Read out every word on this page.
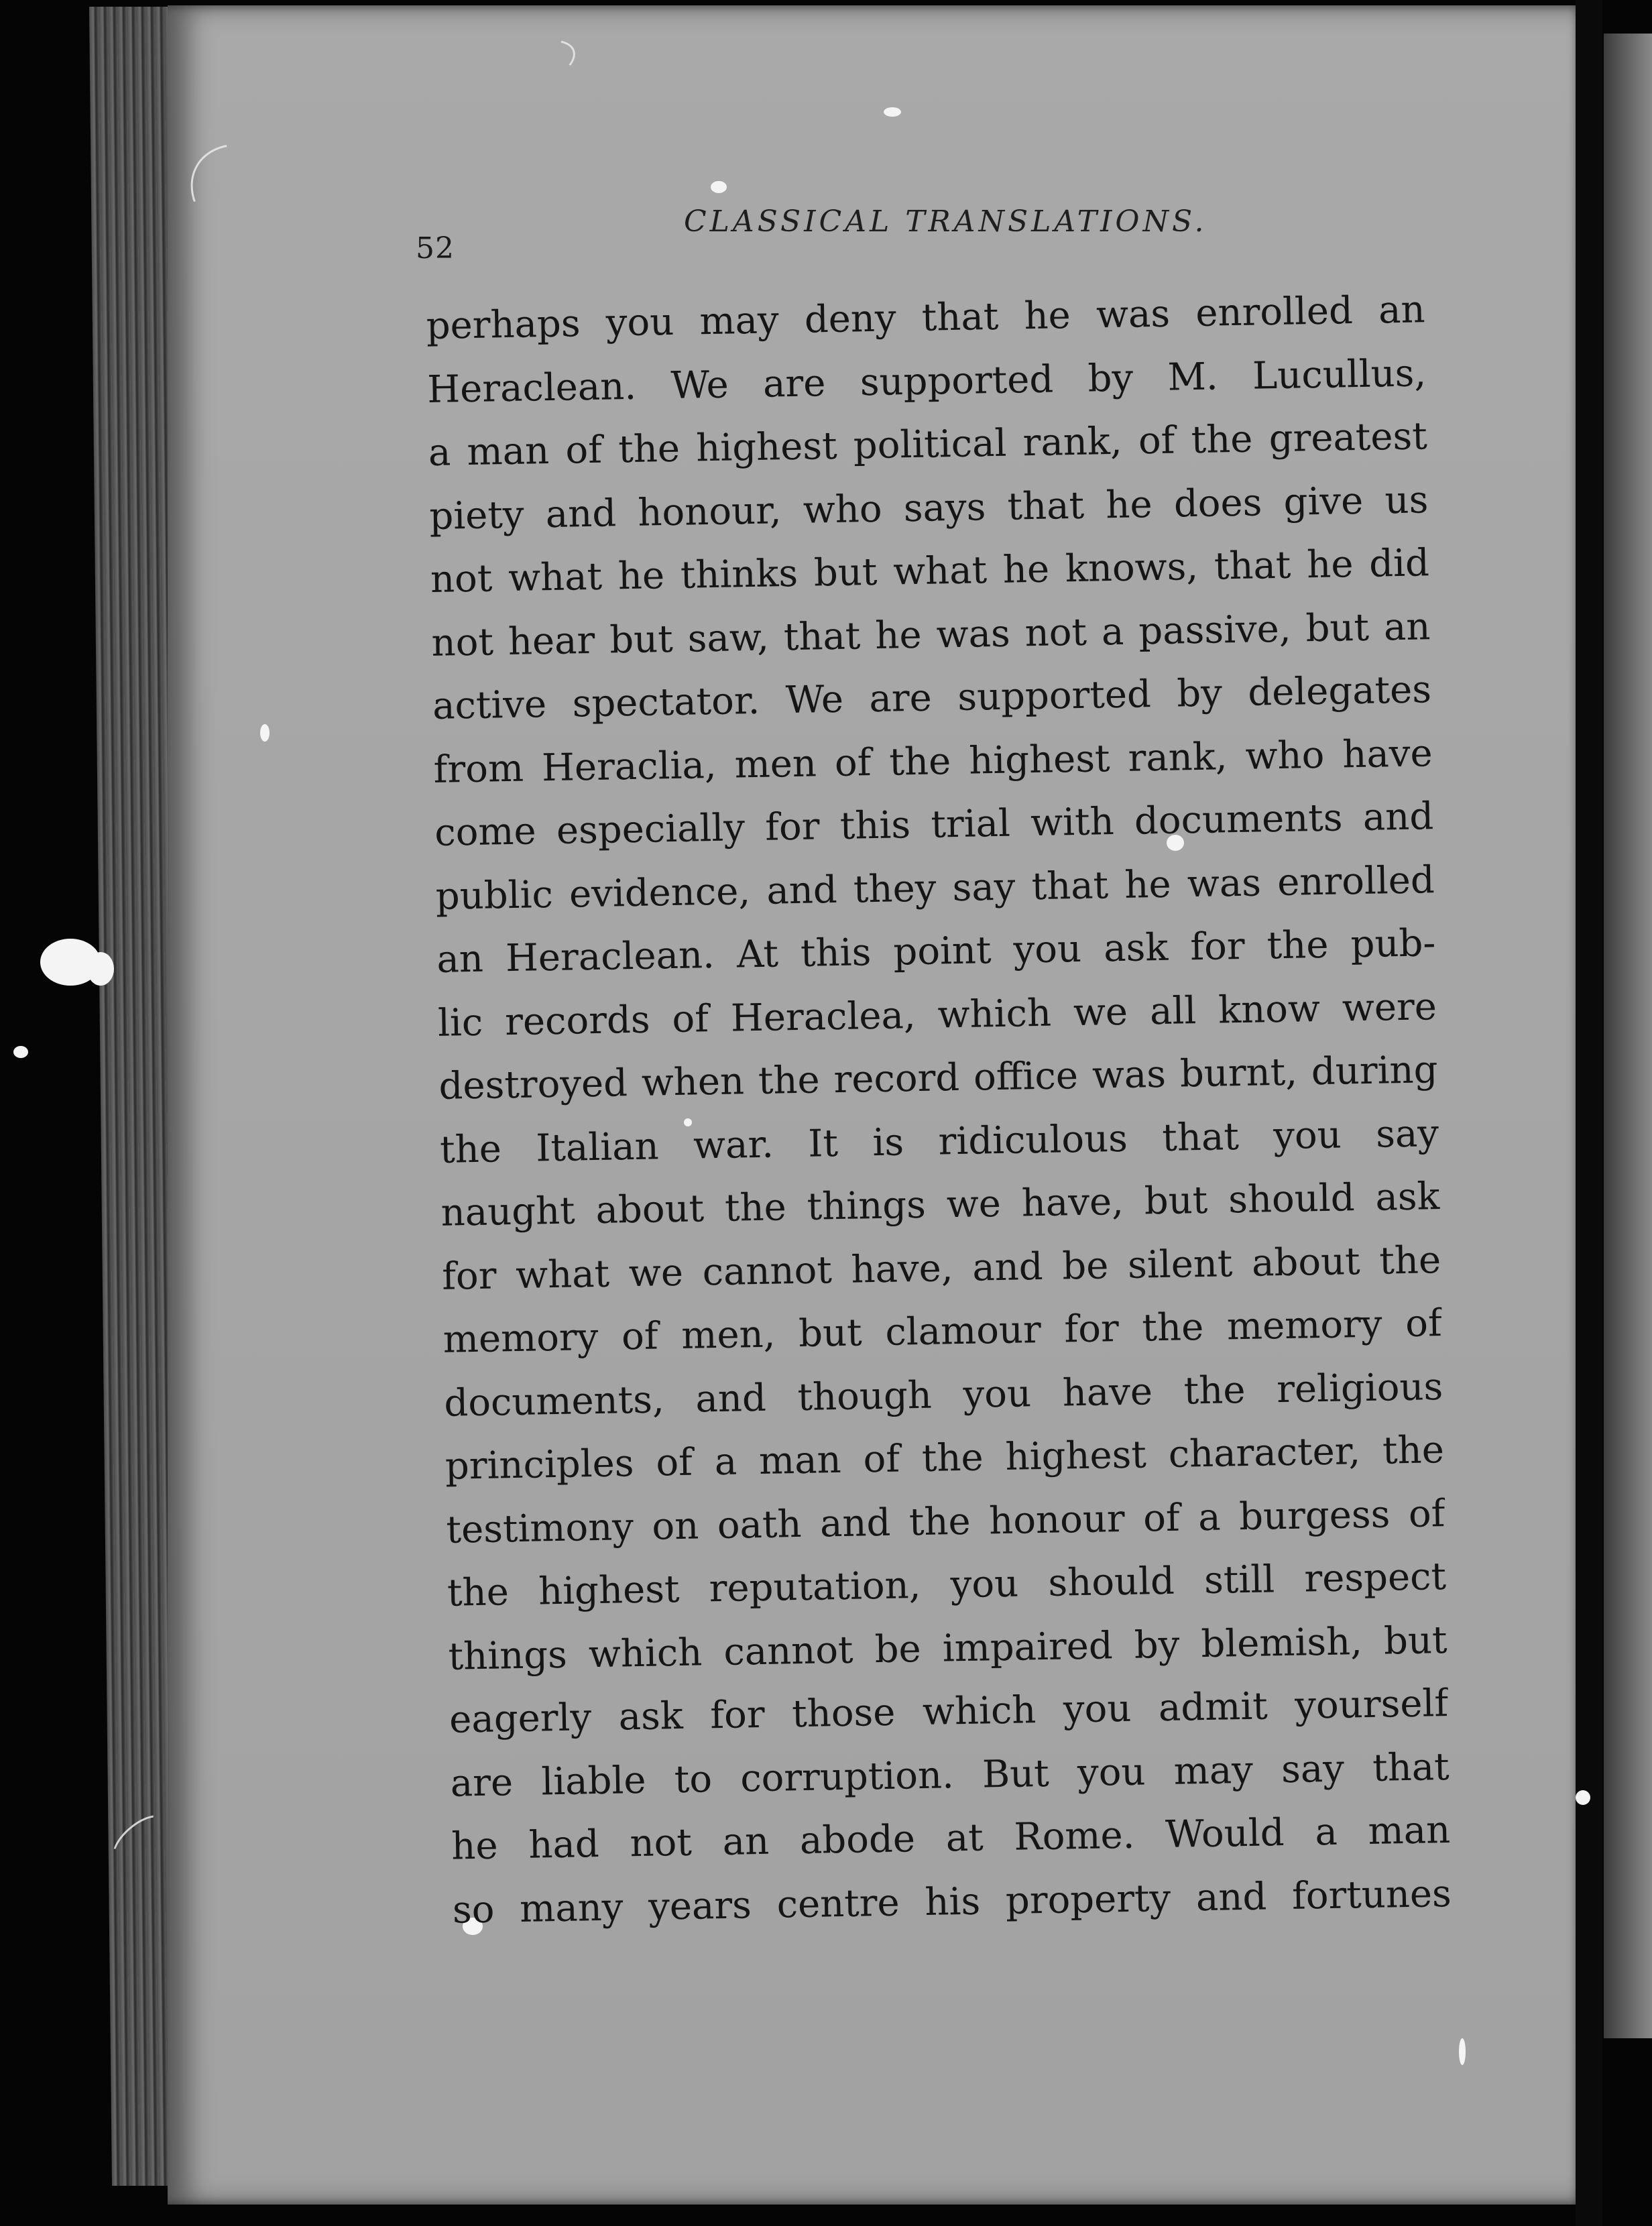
52
CLASSICAL TRANSLATIONS.
perhaps you may deny that he was enrolled an
Heraclean. We are supported by M. Lucullus,
a man of the highest political rank, of the greatest
piety and honour, who says that he does give us
not what he thinks but what he knows, that he did
not hear but saw, that he was not a passive, but an
active spectator. We are supported by delegates
from Heraclia, men of the highest rank, who have
come especially for this trial with documents and
public evidence, and they say that he was enrolled
an Heraclean. At this point you ask for the pub-
lic records of Heraclea, which we all know were
destroyed when the record office was burnt, during
the Italian war. It is ridiculous that you say
naught about the things we have, but should ask
for what we cannot have, and be silent about the
memory of men, but clamour for the memory of
documents, and though you have the religious
principles of a man of the highest character, the
testimony on oath and the honour of a burgess of
the highest reputation, you should still respect
things which cannot be impaired by blemish, but
eagerly ask for those which you admit yourself
are liable to corruption. But you may say that
he had not an abode at Rome. Would a man
so many years centre his property and fortunes
